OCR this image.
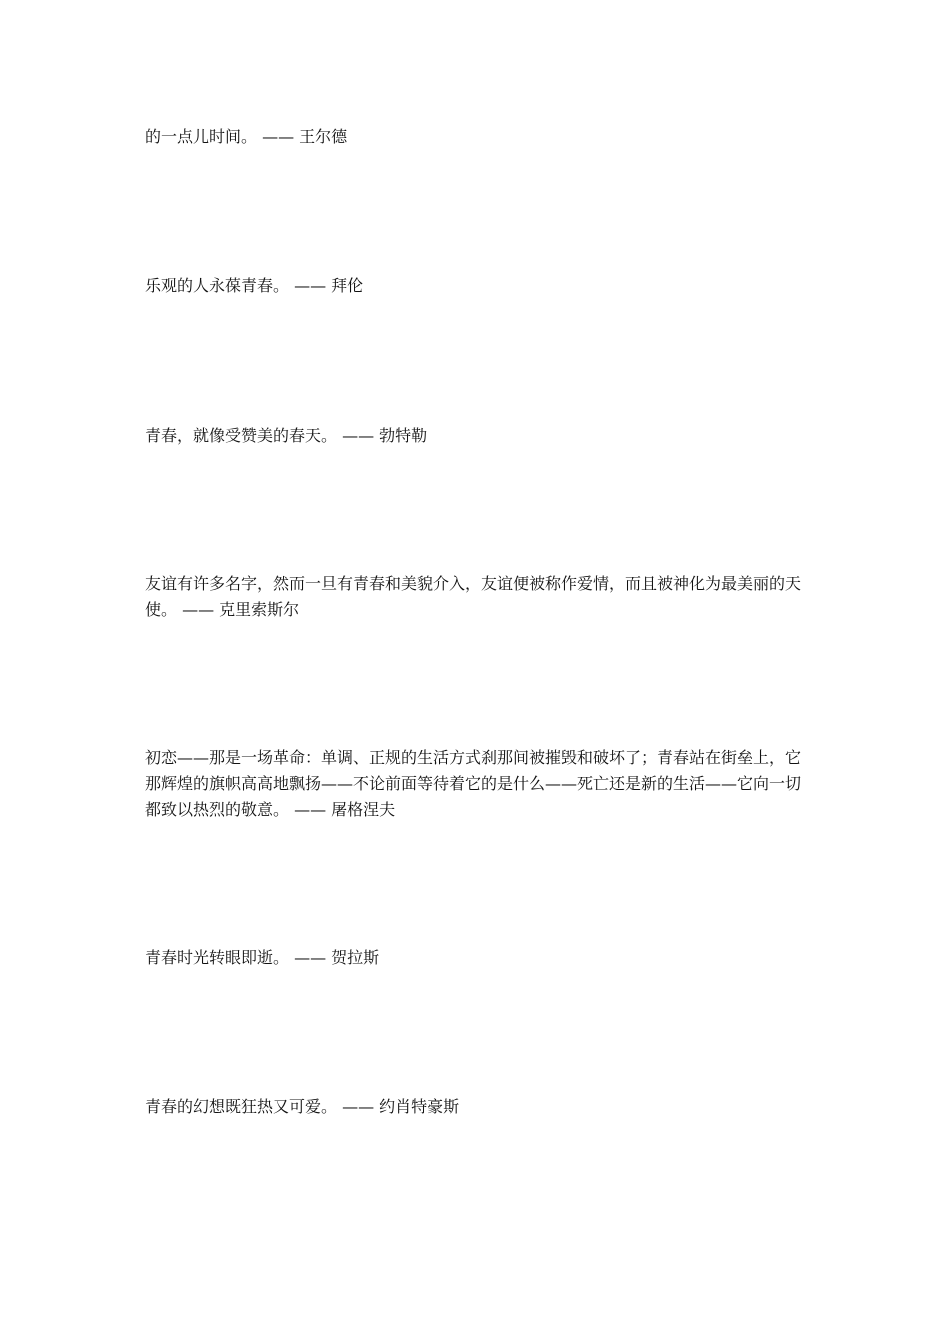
的一点儿时间。 —— 王尔德

乐观的人永葆青春。 —— 拜伦

青春，就像受赞美的春天。 —— 勃特勒

友谊有许多名字，然而一旦有青春和美貌介入，友谊便被称作爱情，而且被神化为最美丽的天使。 —— 克里索斯尔

初恋——那是一场革命：单调、正规的生活方式刹那间被摧毁和破坏了；青春站在街垒上，它那辉煌的旗帜高高地飘扬——不论前面等待着它的是什么——死亡还是新的生活——它向一切都致以热烈的敬意。 —— 屠格涅夫

青春时光转眼即逝。 —— 贺拉斯

青春的幻想既狂热又可爱。 —— 约肖特豪斯
